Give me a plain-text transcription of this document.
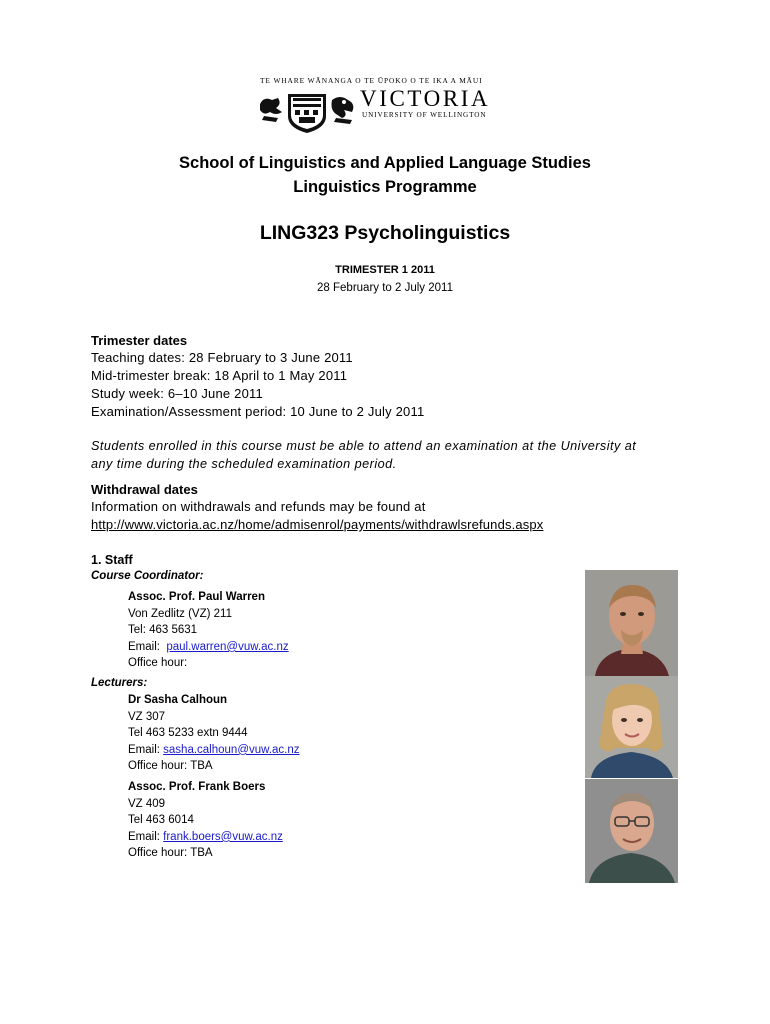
TE WHARE WĀNANGA O TE ŪPOKO O TE IKA A MĀUI
VICTORIA
UNIVERSITY OF WELLINGTON
School of Linguistics and Applied Language Studies
Linguistics Programme
LING323 Psycholinguistics
TRIMESTER 1 2011
28 February to 2 July 2011
Trimester dates
Teaching dates: 28 February to 3 June 2011
Mid-trimester break: 18 April to 1 May 2011
Study week: 6–10 June 2011
Examination/Assessment period: 10 June to 2 July 2011
Students enrolled in this course must be able to attend an examination at the University at
any time during the scheduled examination period.
Withdrawal dates
Information on withdrawals and refunds may be found at
http://www.victoria.ac.nz/home/admisenrol/payments/withdrawlsrefunds.aspx
1. Staff
Course Coordinator:
Assoc. Prof. Paul Warren
Von Zedlitz (VZ) 211
Tel: 463 5631
Email: paul.warren@vuw.ac.nz
Office hour:
Lecturers:
Dr Sasha Calhoun
VZ 307
Tel 463 5233 extn 9444
Email: sasha.calhoun@vuw.ac.nz
Office hour: TBA
Assoc. Prof. Frank Boers
VZ 409
Tel 463 6014
Email: frank.boers@vuw.ac.nz
Office hour: TBA
